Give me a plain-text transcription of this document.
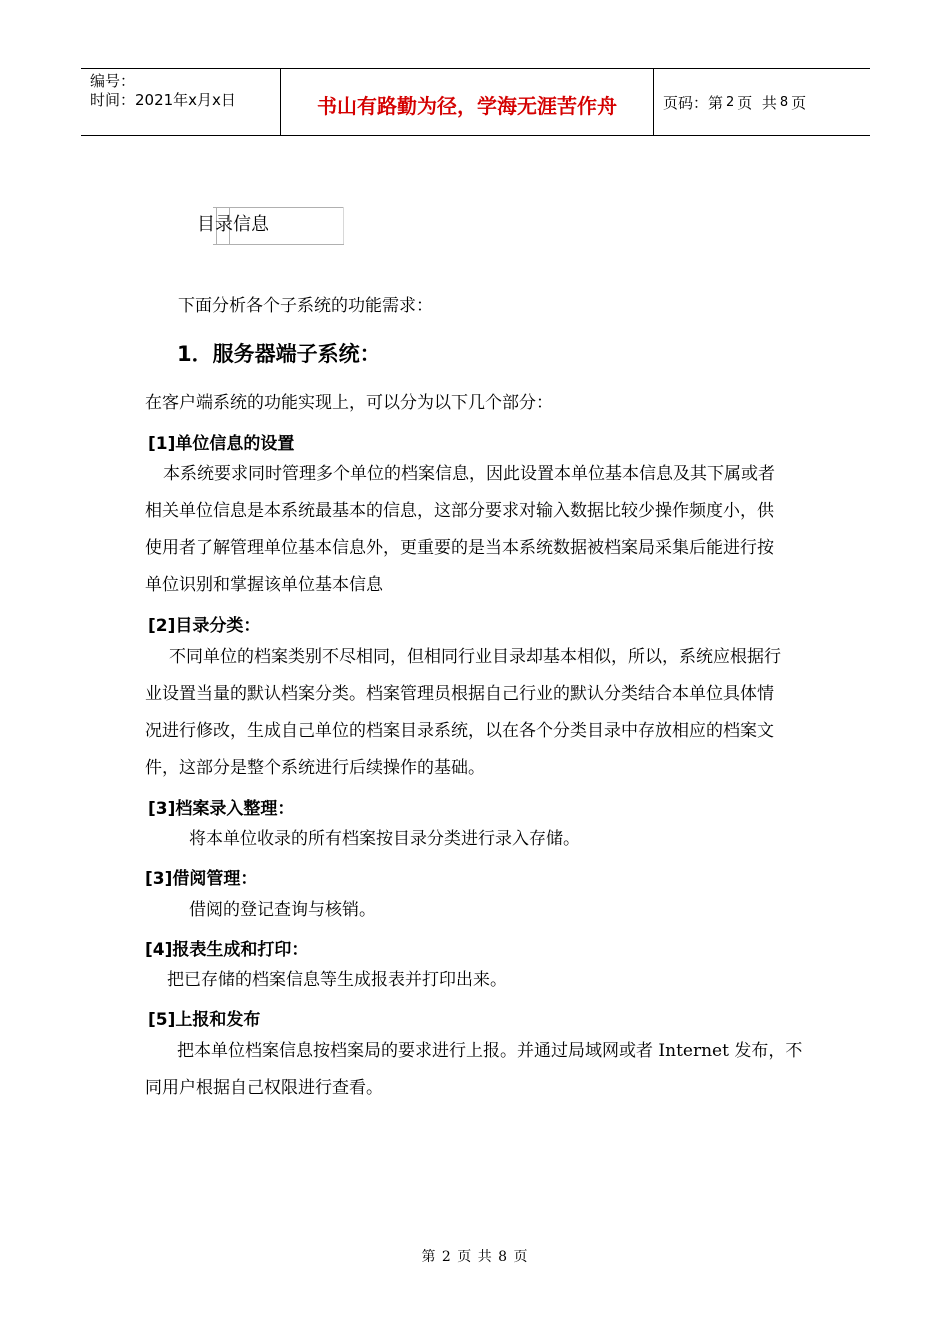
编号：
时间：2021年x月x日	书山有路勤为径，学海无涯苦作舟	页码：第 2 页  共 8 页
目录信息
下面分析各个子系统的功能需求：
1．服务器端子系统：
在客户端系统的功能实现上，可以分为以下几个部分：
[1]单位信息的设置
本系统要求同时管理多个单位的档案信息，因此设置本单位基本信息及其下属或者
相关单位信息是本系统最基本的信息，这部分要求对输入数据比较少操作频度小，供
使用者了解管理单位基本信息外，更重要的是当本系统数据被档案局采集后能进行按
单位识别和掌握该单位基本信息
[2]目录分类：
不同单位的档案类别不尽相同，但相同行业目录却基本相似，所以，系统应根据行
业设置当量的默认档案分类。档案管理员根据自己行业的默认分类结合本单位具体情
况进行修改，生成自己单位的档案目录系统，以在各个分类目录中存放相应的档案文
件，这部分是整个系统进行后续操作的基础。
[3]档案录入整理：
将本单位收录的所有档案按目录分类进行录入存储。
[3]借阅管理：
借阅的登记查询与核销。
[4]报表生成和打印：
把已存储的档案信息等生成报表并打印出来。
[5]上报和发布
把本单位档案信息按档案局的要求进行上报。并通过局域网或者 Internet 发布，不
同用户根据自己权限进行查看。
第 2 页 共 8 页
